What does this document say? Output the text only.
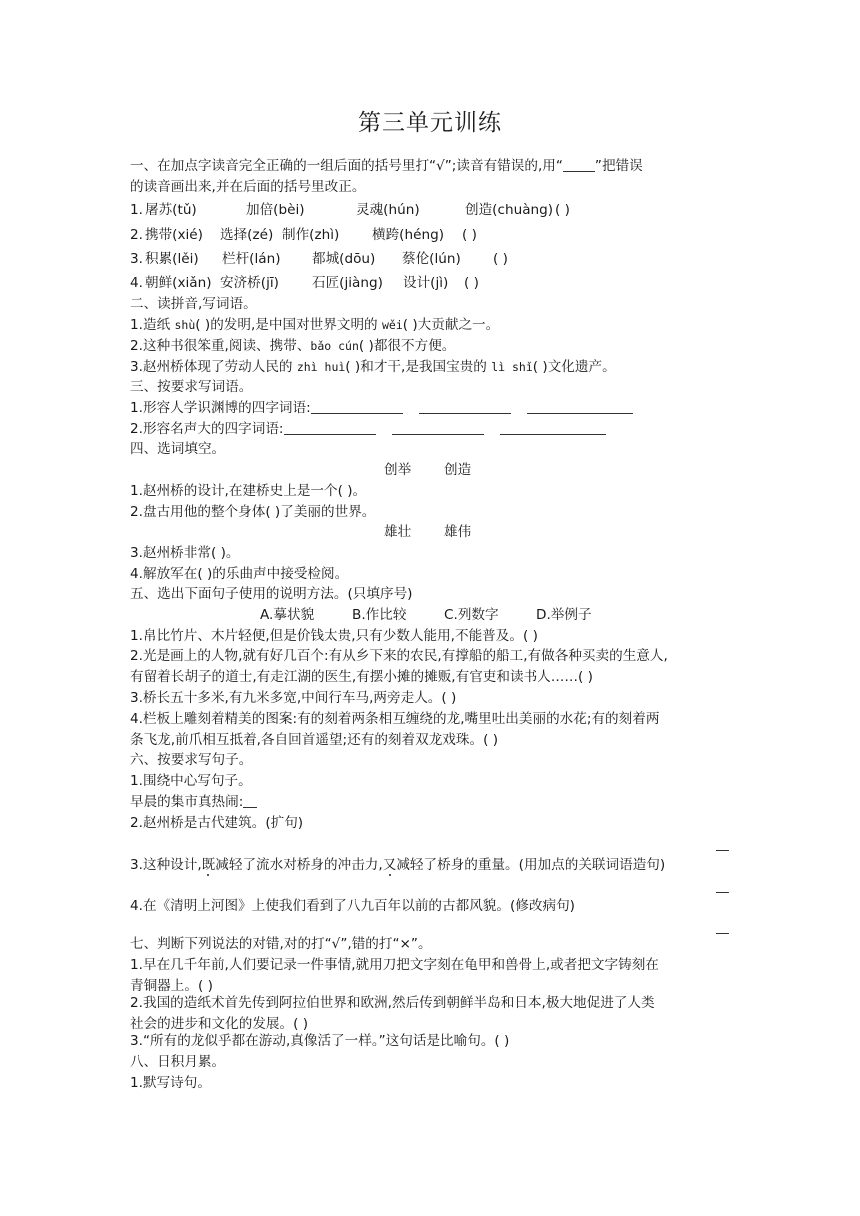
第三单元训练
一、在加点字读音完全正确的一组后面的括号里打“√”;读音有错误的,用“ ”把错误
的读音画出来,并在后面的括号里改正。
1. 屠苏(tǔ)	加倍(bèi)	灵魂(hún)	创造(chuàng) ( )
2. 携带(xié) 选择(zé) 制作(zhì) 横跨(héng) ( )
3. 积累(lěi) 栏杆(lán) 都城(dōu) 蔡伦(lún) ( )
4. 朝鲜(xiǎn) 安济桥(jī) 石匠(jiàng) 设计(jì) ( )
二、读拼音,写词语。
1.造纸 shù( )的发明,是中国对世界文明的 wěi( )大贡献之一。
2.这种书很笨重,阅读、携带、bǎo cún( )都很不方便。
3.赵州桥体现了劳动人民的 zhì huì( )和才干,是我国宝贵的 lì shǐ( )文化遗产。
三、按要求写词语。
1.形容人学识渊博的四字词语:
2.形容名声大的四字词语:
四、选词填空。
创举 创造
1.赵州桥的设计,在建桥史上是一个( )。
2.盘古用他的整个身体( )了美丽的世界。
雄壮 雄伟
3.赵州桥非常( )。
4.解放军在( )的乐曲声中接受检阅。
五、选出下面句子使用的说明方法。(只填序号)
A.摹状貌	B.作比较	C.列数字	D.举例子
1.帛比竹片、木片轻便,但是价钱太贵,只有少数人能用,不能普及。( )
2.光是画上的人物,就有好几百个:有从乡下来的农民,有撑船的船工,有做各种买卖的生意人,
有留着长胡子的道士,有走江湖的医生,有摆小摊的摊贩,有官吏和读书人……( )
3.桥长五十多米,有九米多宽,中间行车马,两旁走人。( )
4.栏板上雕刻着精美的图案:有的刻着两条相互缠绕的龙,嘴里吐出美丽的水花;有的刻着两
条飞龙,前爪相互抵着,各自回首遥望;还有的刻着双龙戏珠。( )
六、按要求写句子。
1.围绕中心写句子。
早晨的集市真热闹:
2.赵州桥是古代建筑。(扩句)
3.这种设计,既减轻了流水对桥身的冲击力,又减轻了桥身的重量。(用加点的关联词语造句)
4.在《清明上河图》上使我们看到了八九百年以前的古都风貌。(修改病句)
七、判断下列说法的对错,对的打“√”,错的打“×”。
1.早在几千年前,人们要记录一件事情,就用刀把文字刻在龟甲和兽骨上,或者把文字铸刻在
青铜器上。( )
2.我国的造纸术首先传到阿拉伯世界和欧洲,然后传到朝鲜半岛和日本,极大地促进了人类
社会的进步和文化的发展。( )
3.“所有的龙似乎都在游动,真像活了一样。”这句话是比喻句。( )
八、日积月累。
1.默写诗句。
